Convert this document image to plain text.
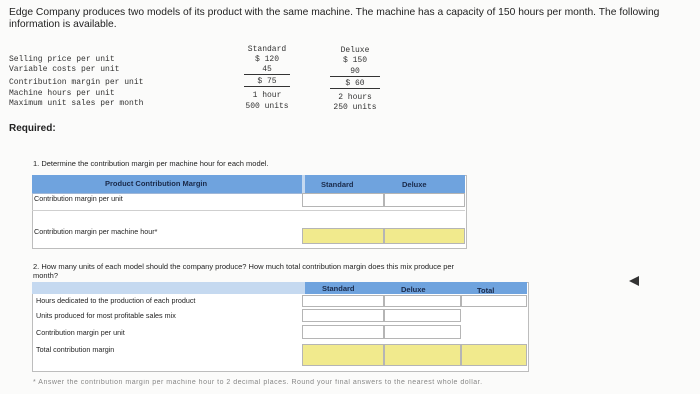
Edge Company produces two models of its product with the same machine. The machine has a capacity of 150 hours per month. The following information is available.
Standard	Deluxe
Selling price per unit	$ 120	$ 150
Variable costs per unit	45	90
Contribution margin per unit	$ 75	$ 60
Machine hours per unit	1 hour	2 hours
Maximum unit sales per month	500 units	250 units
Required:
1. Determine the contribution margin per machine hour for each model.
Product Contribution Margin	Standard	Deluxe
Contribution margin per unit
Contribution margin per machine hour*
2. How many units of each model should the company produce? How much total contribution margin does this mix produce per month?
Standard	Deluxe	Total
Hours dedicated to the production of each product
Units produced for most profitable sales mix
Contribution margin per unit
Total contribution margin
* Answer the contribution margin per machine hour to 2 decimal places. Round your final answers to the nearest whole dollar.
